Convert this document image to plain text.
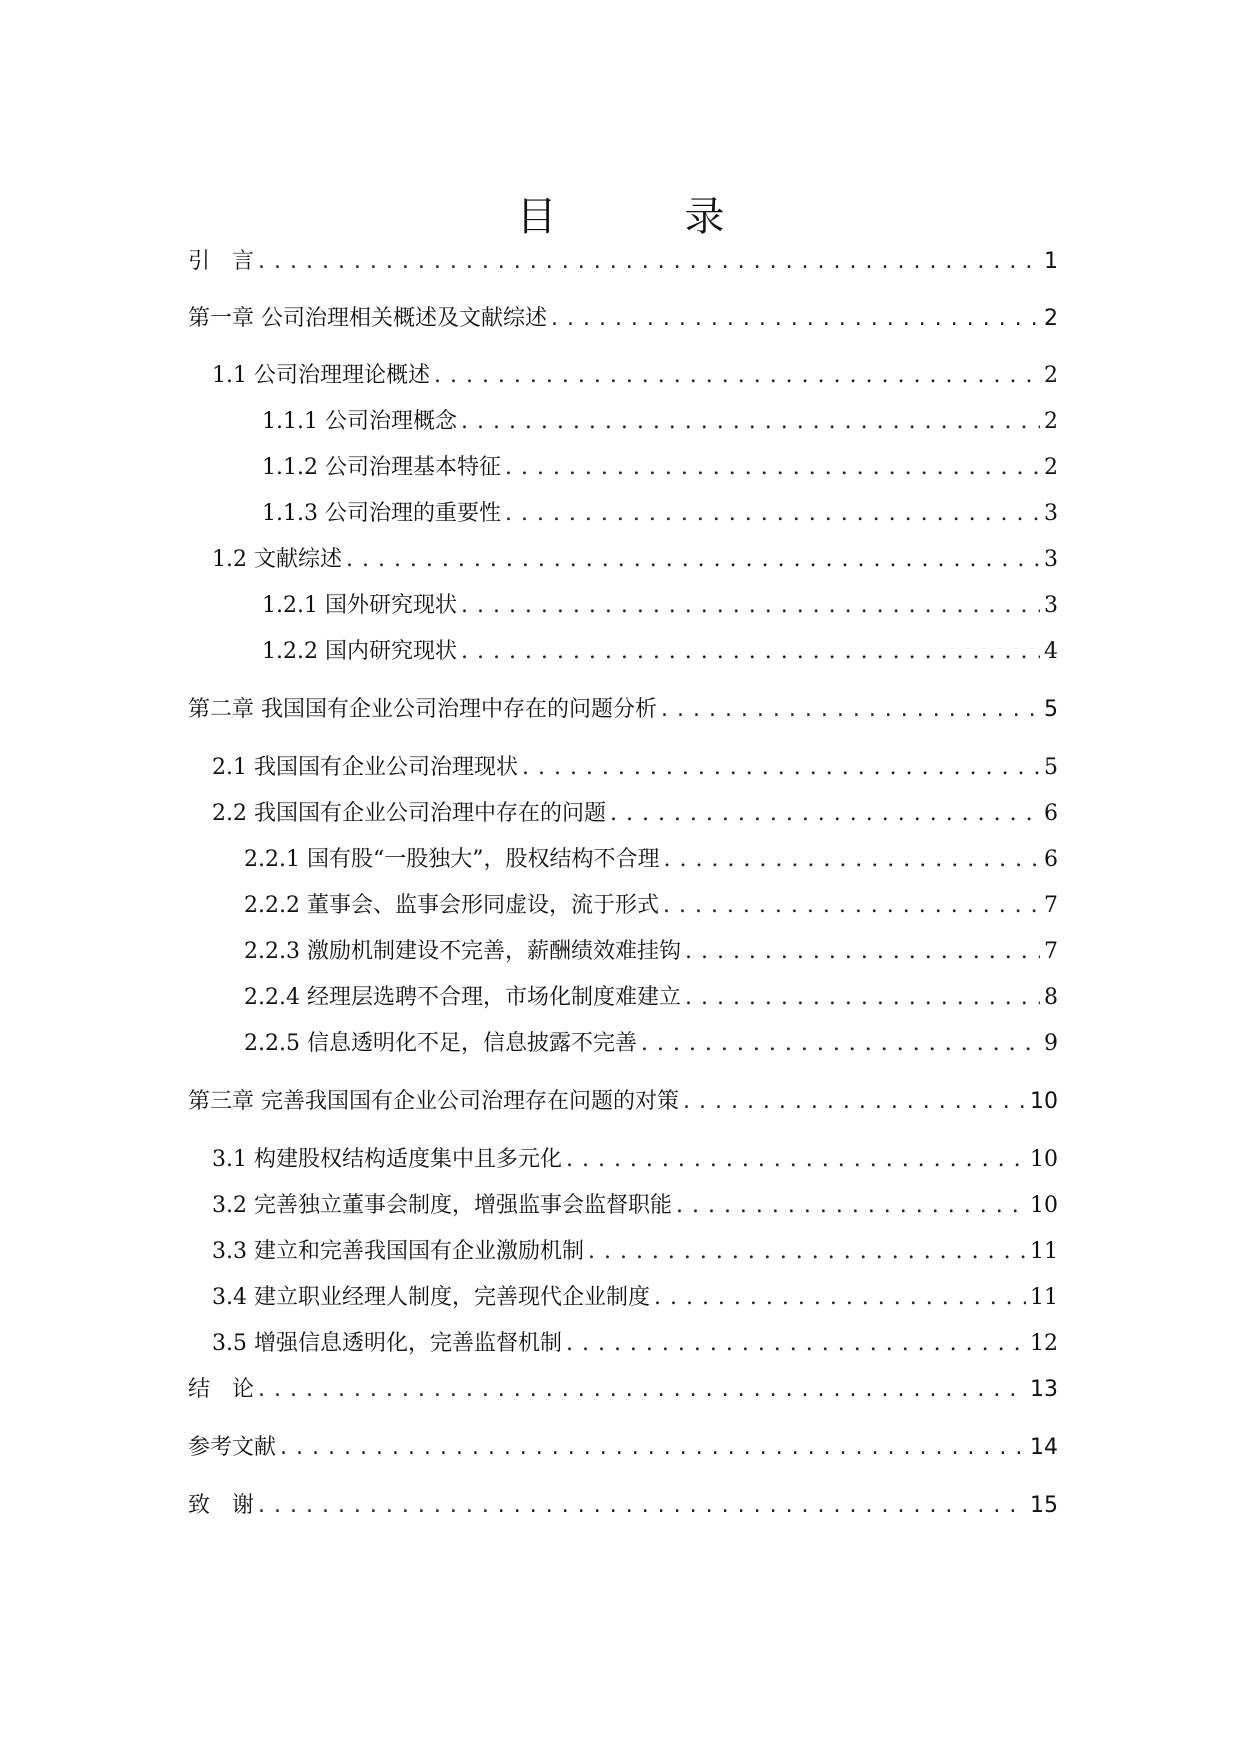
目　录
引　言 . . .	1
第一章 公司治理相关概述及文献综述 . . .	2
1.1 公司治理理论概述 . . .	2
1.1.1 公司治理概念 . . .	2
1.1.2 公司治理基本特征 . . .	2
1.1.3 公司治理的重要性 . . .	3
1.2 文献综述 . . .	3
1.2.1 国外研究现状 . . .	3
1.2.2 国内研究现状 . . .	4
第二章 我国国有企业公司治理中存在的问题分析 . . .	5
2.1 我国国有企业公司治理现状 . . .	5
2.2 我国国有企业公司治理中存在的问题 . . .	6
2.2.1 国有股“一股独大”，股权结构不合理 . . .	6
2.2.2 董事会、监事会形同虚设，流于形式 . . .	7
2.2.3 激励机制建设不完善，薪酬绩效难挂钩 . . .	7
2.2.4 经理层选聘不合理，市场化制度难建立 . . .	8
2.2.5 信息透明化不足，信息披露不完善 . . .	9
第三章 完善我国国有企业公司治理存在问题的对策 . . .	10
3.1 构建股权结构适度集中且多元化 . . .	10
3.2 完善独立董事会制度，增强监事会监督职能 . . .	10
3.3 建立和完善我国国有企业激励机制 . . .	11
3.4 建立职业经理人制度，完善现代企业制度 . . .	11
3.5 增强信息透明化，完善监督机制 . . .	12
结　论 . . .	13
参考文献 . . .	14
致　谢 . . .	15
